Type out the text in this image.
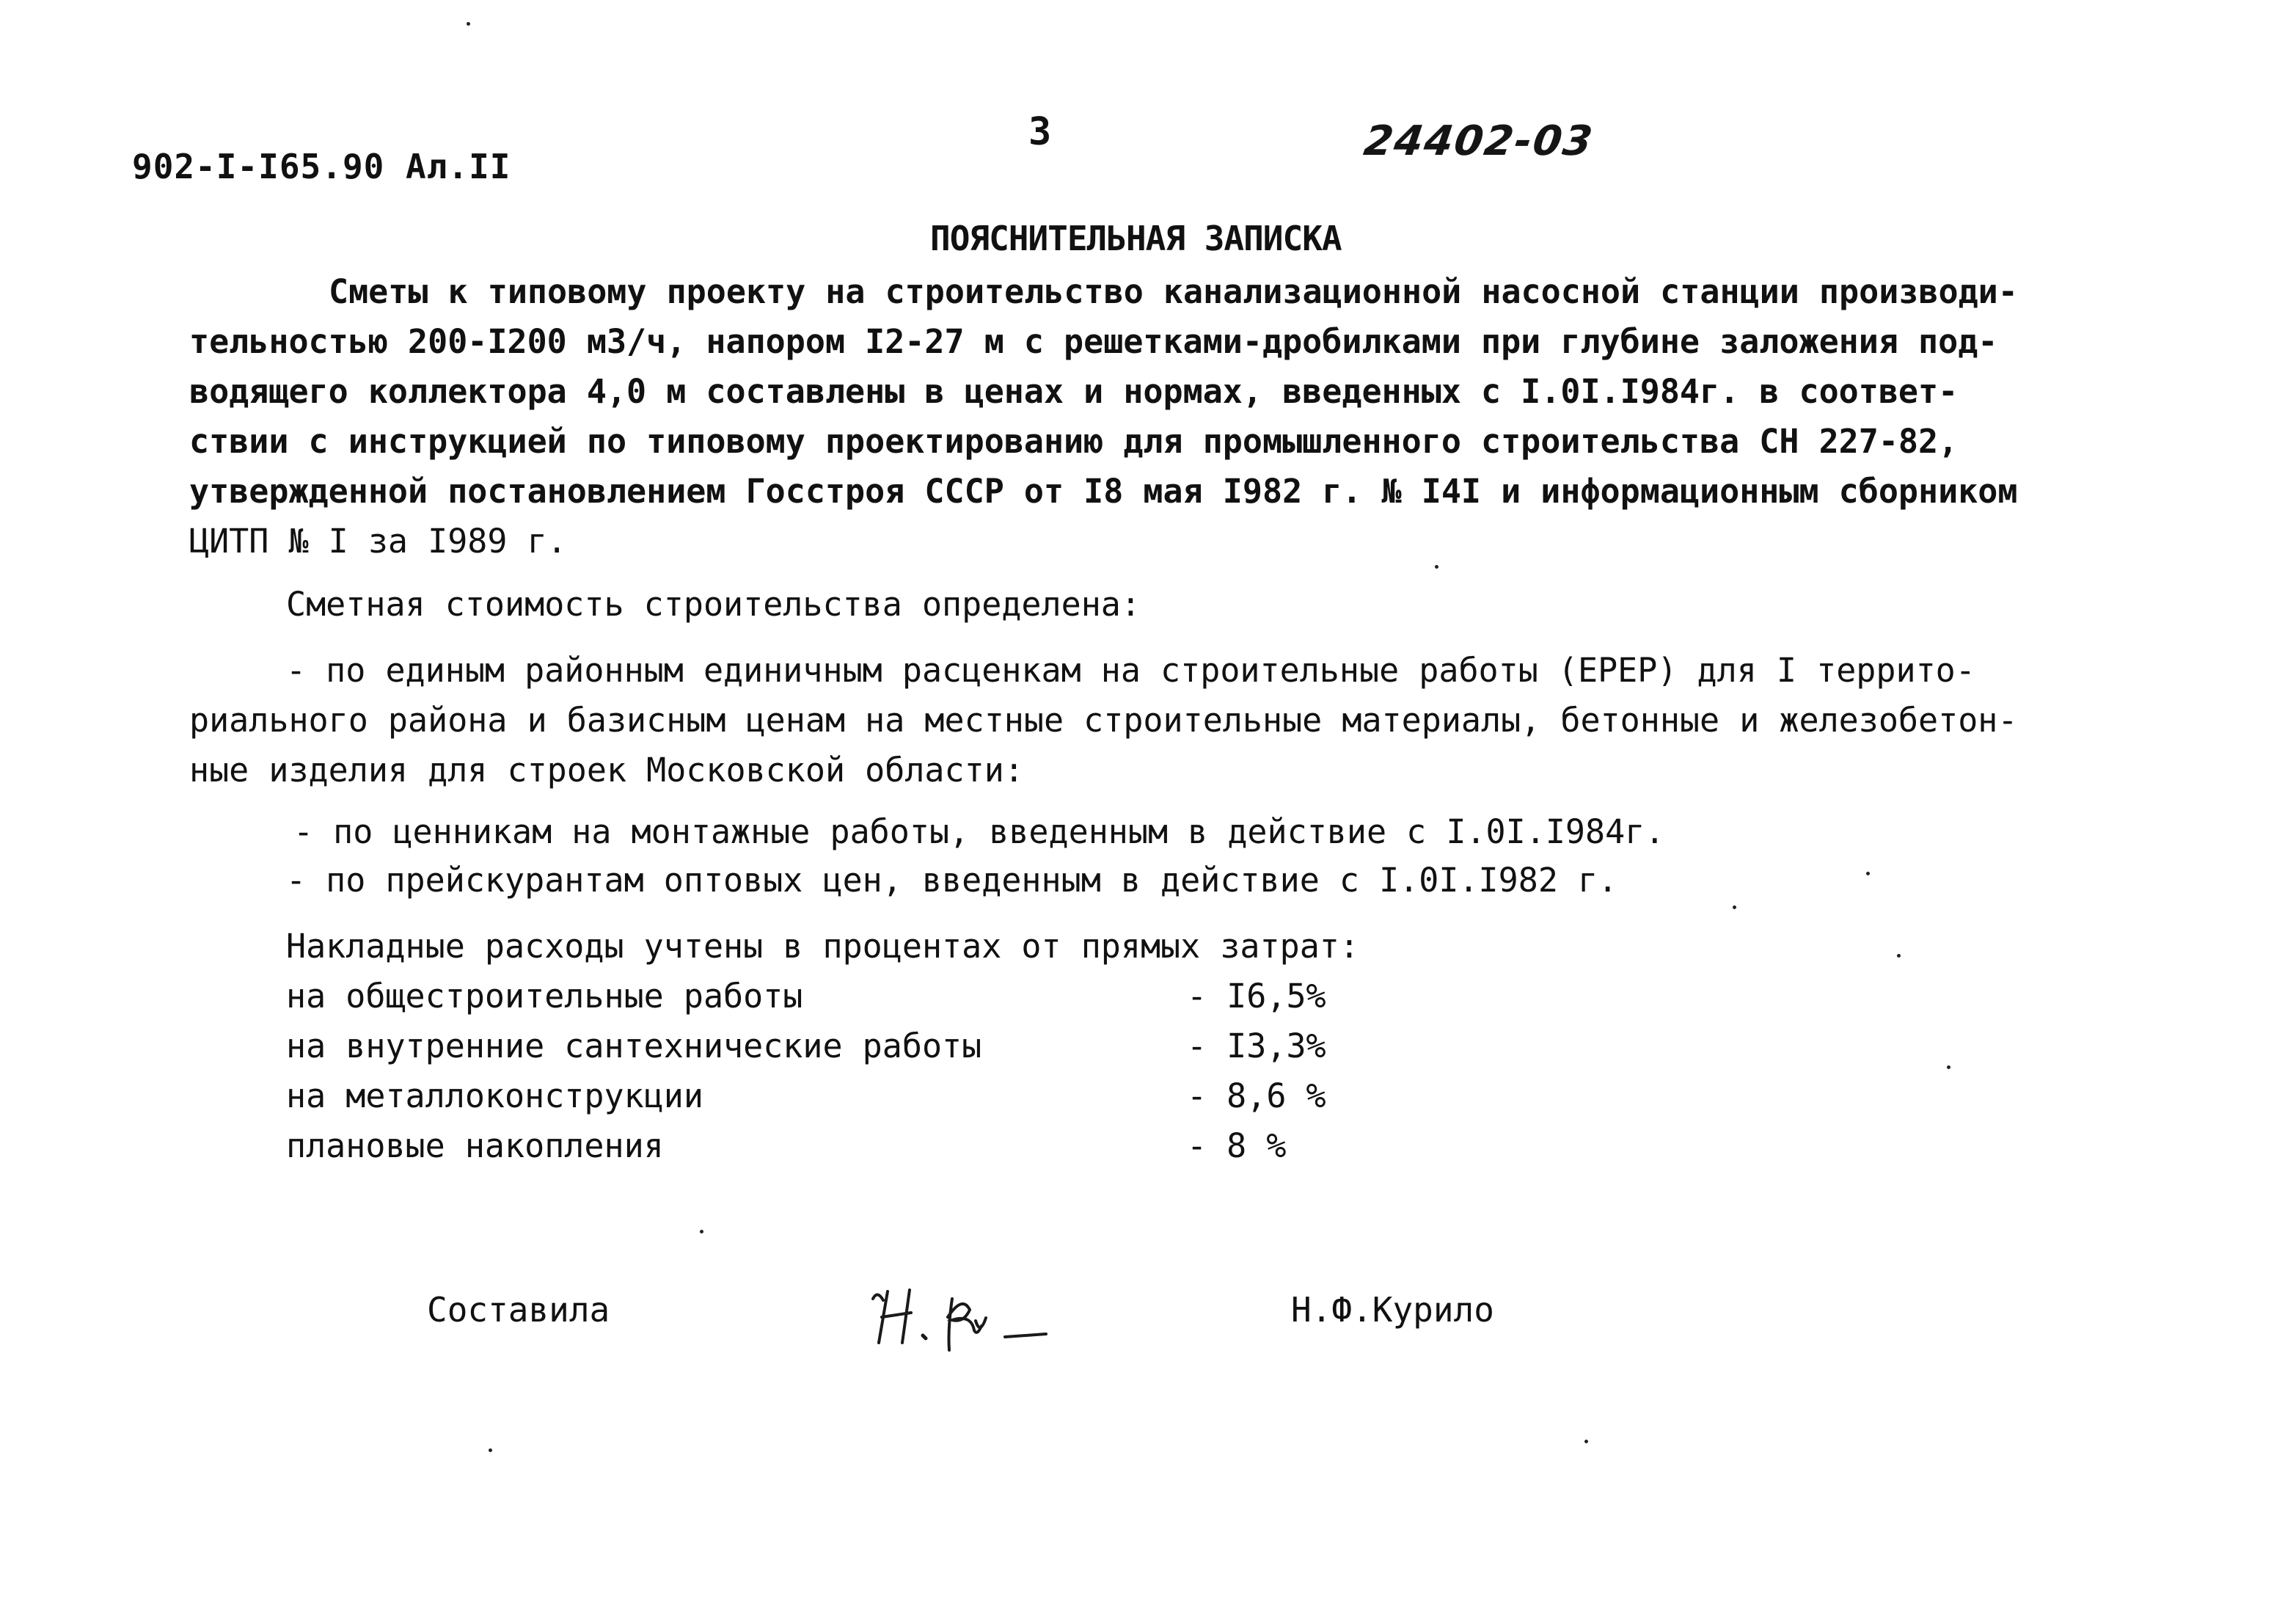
902-I-I65.90 Ал.II
3	24402-03
ПОЯСНИТЕЛЬНАЯ ЗАПИСКА
Сметы к типовому проекту на строительство канализационной насосной станции производи-
тельностью 200-I200 м3/ч, напором I2-27 м с решетками-дробилками при глубине заложения под-
водящего коллектора 4,0 м составлены в ценах и нормах, введенных с I.0I.I984г. в соответ-
ствии с инструкцией по типовому проектированию для промышленного строительства СН 227-82,
утвержденной постановлением Госстроя СССР от I8 мая I982 г. № I4I и информационным сборником
ЦИТП № I за I989 г.
Сметная стоимость строительства определена:
- по единым районным единичным расценкам на строительные работы (ЕРЕР) для I террито-
риального района и базисным ценам на местные строительные материалы, бетонные и железобетон-
ные изделия для строек Московской области:
- по ценникам на монтажные работы, введенным в действие с I.0I.I984г.
- по прейскурантам оптовых цен, введенным в действие с I.0I.I982 г.
Накладные расходы учтены в процентах от прямых затрат:
на общестроительные работы	- I6,5%
на внутренние сантехнические работы	- I3,3%
на металлоконструкции	- 8,6 %
плановые накопления	- 8 %
Составила	Н.Ф.Курило
